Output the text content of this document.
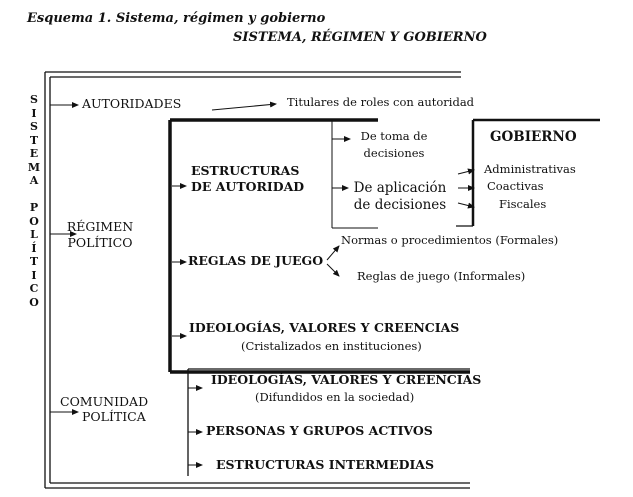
Esquema 1. Sistema, régimen y gobierno
SISTEMA, RÉGIMEN Y GOBIERNO
S
I
S
T
E
M
A

P
O
L
Í
T
I
C
O
AUTORIDADES	Titulares de roles con autoridad
RÉGIMEN
POLÍTICO
COMUNIDAD
POLÍTICA
ESTRUCTURAS
DE AUTORIDAD
De toma de
decisiones
De aplicación
de decisiones
GOBIERNO
Administrativas
Coactivas
Fiscales
REGLAS DE JUEGO
Normas o procedimientos (Formales)
Reglas de juego (Informales)
IDEOLOGÍAS, VALORES Y CREENCIAS
(Cristalizados en instituciones)
IDEOLOGÍAS, VALORES Y CREENCIAS
(Difundidos en la sociedad)
PERSONAS Y GRUPOS ACTIVOS
ESTRUCTURAS INTERMEDIAS
